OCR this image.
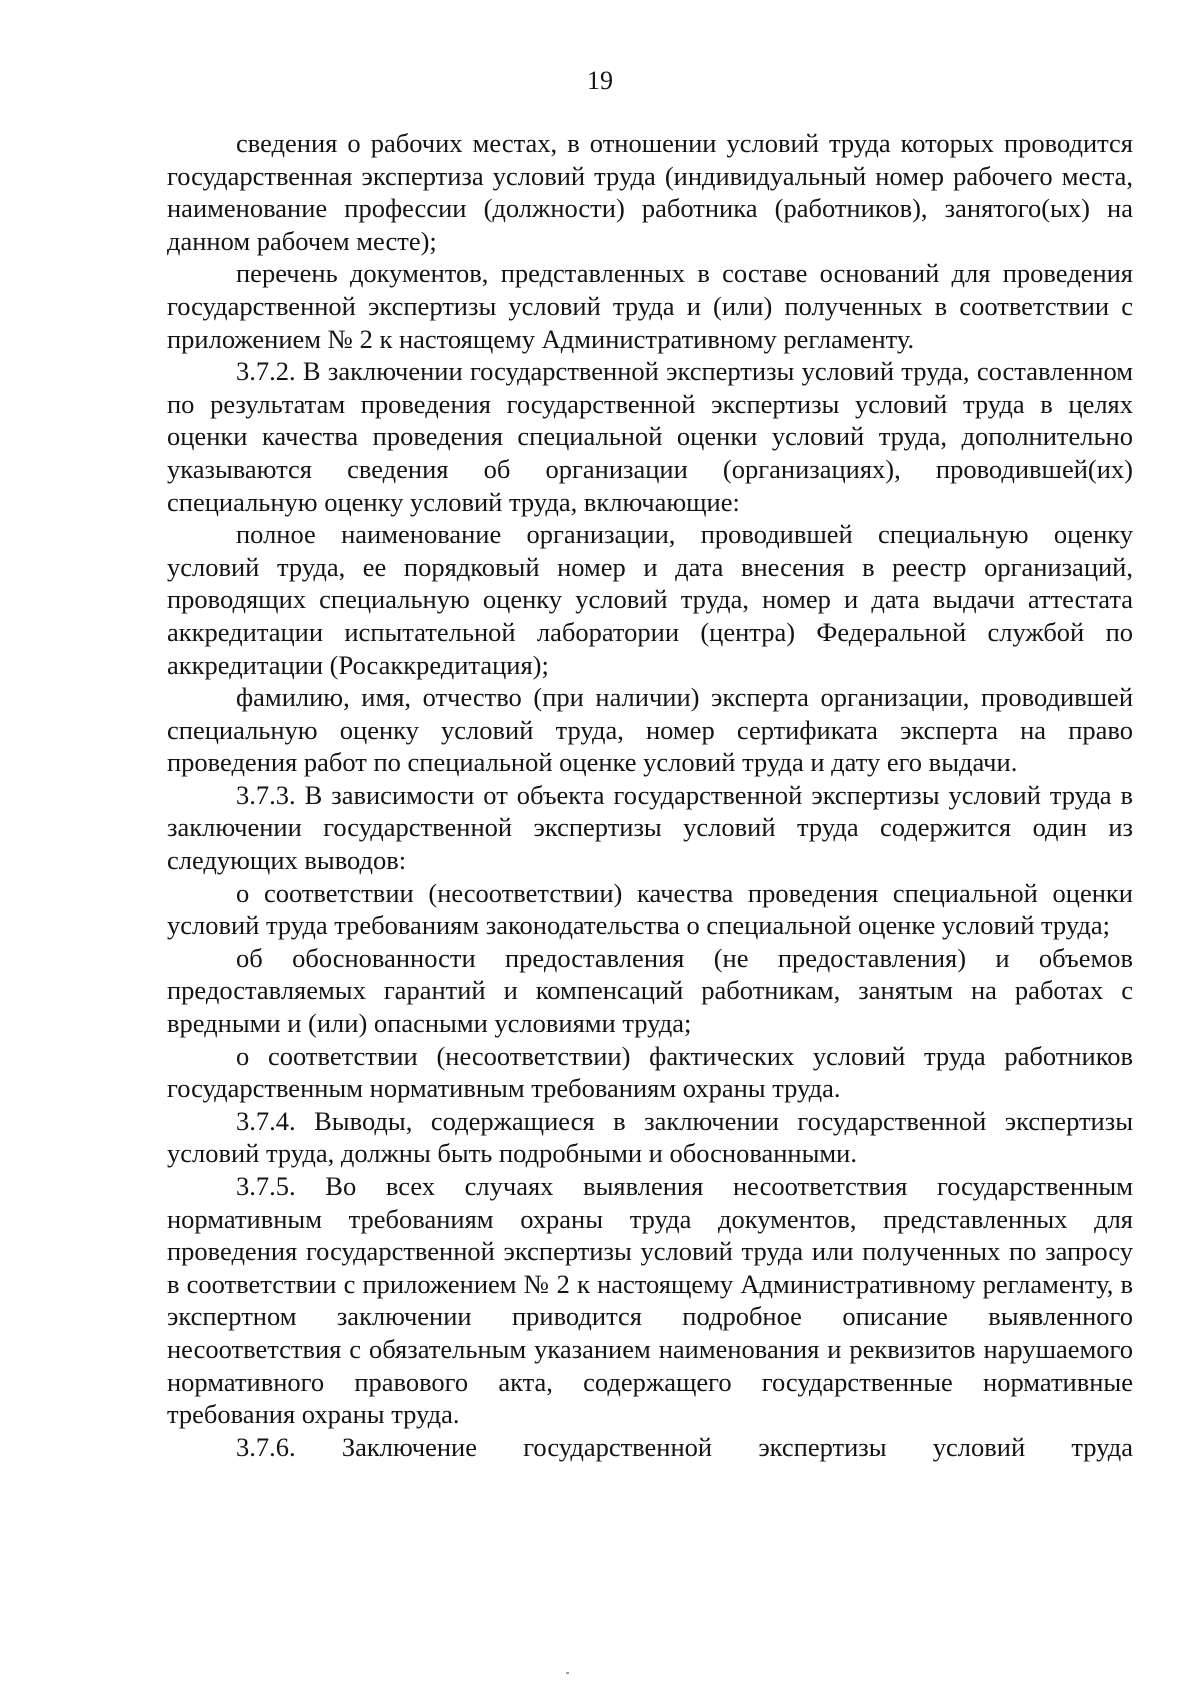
19

сведения о рабочих местах, в отношении условий труда которых проводится государственная экспертиза условий труда (индивидуальный номер рабочего места, наименование профессии (должности) работника (работников), занятого(ых) на данном рабочем месте);

перечень документов, представленных в составе оснований для проведения государственной экспертизы условий труда и (или) полученных в соответствии с приложением № 2 к настоящему Административному регламенту.

3.7.2. В заключении государственной экспертизы условий труда, составленном по результатам проведения государственной экспертизы условий труда в целях оценки качества проведения специальной оценки условий труда, дополнительно указываются сведения об организации (организациях), проводившей(их) специальную оценку условий труда, включающие:

полное наименование организации, проводившей специальную оценку условий труда, ее порядковый номер и дата внесения в реестр организаций, проводящих специальную оценку условий труда, номер и дата выдачи аттестата аккредитации испытательной лаборатории (центра) Федеральной службой по аккредитации (Росаккредитация);

фамилию, имя, отчество (при наличии) эксперта организации, проводившей специальную оценку условий труда, номер сертификата эксперта на право проведения работ по специальной оценке условий труда и дату его выдачи.

3.7.3. В зависимости от объекта государственной экспертизы условий труда в заключении государственной экспертизы условий труда содержится один из следующих выводов:

о соответствии (несоответствии) качества проведения специальной оценки условий труда требованиям законодательства о специальной оценке условий труда;

об обоснованности предоставления (не предоставления) и объемов предоставляемых гарантий и компенсаций работникам, занятым на работах с вредными и (или) опасными условиями труда;

о соответствии (несоответствии) фактических условий труда работников государственным нормативным требованиям охраны труда.

3.7.4. Выводы, содержащиеся в заключении государственной экспертизы условий труда, должны быть подробными и обоснованными.

3.7.5. Во всех случаях выявления несоответствия государственным нормативным требованиям охраны труда документов, представленных для проведения государственной экспертизы условий труда или полученных по запросу в соответствии с приложением № 2 к настоящему Административному регламенту, в экспертном заключении приводится подробное описание выявленного несоответствия с обязательным указанием наименования и реквизитов нарушаемого нормативного правового акта, содержащего государственные нормативные требования охраны труда.

3.7.6. Заключение государственной экспертизы условий труда
